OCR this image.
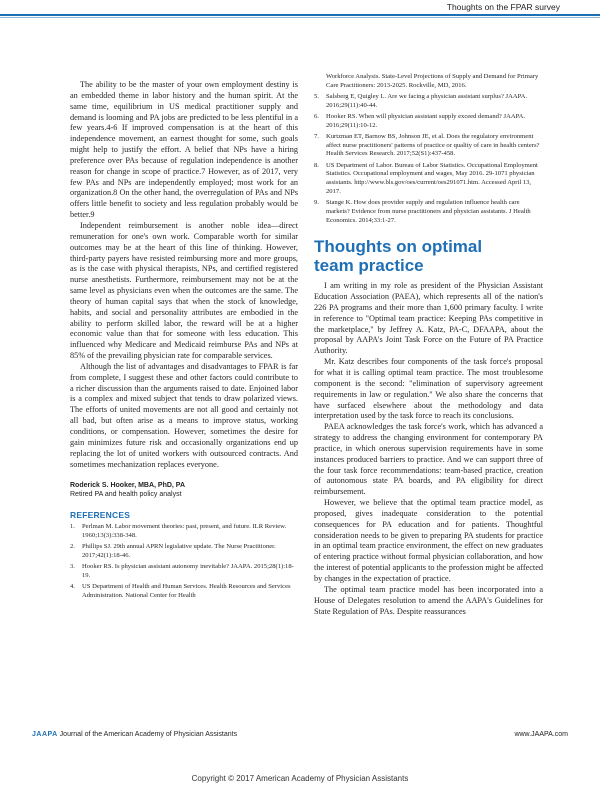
Thoughts on the FPAR survey

The ability to be the master of your own employment destiny is an embedded theme in labor history and the human spirit. At the same time, equilibrium in US medical practitioner supply and demand is looming and PA jobs are predicted to be less plentiful in a few years.4-6 If improved compensation is at the heart of this independence movement, an earnest thought for some, such goals might help to justify the effort. A belief that NPs have a hiring preference over PAs because of regulation independence is another reason for change in scope of practice.7 However, as of 2017, very few PAs and NPs are independently employed; most work for an organization.8 On the other hand, the overregulation of PAs and NPs offers little benefit to society and less regulation probably would be better.9

Independent reimbursement is another noble idea—direct remuneration for one's own work. Comparable worth for similar outcomes may be at the heart of this line of thinking. However, third-party payers have resisted reimbursing more and more groups, as is the case with physical therapists, NPs, and certified registered nurse anesthetists. Furthermore, reimbursement may not be at the same level as physicians even when the outcomes are the same. The theory of human capital says that when the stock of knowledge, habits, and social and personality attributes are embodied in the ability to perform skilled labor, the reward will be at a higher economic value than that for someone with less education. This influenced why Medicare and Medicaid reimburse PAs and NPs at 85% of the prevailing physician rate for comparable services.

Although the list of advantages and disadvantages to FPAR is far from complete, I suggest these and other factors could contribute to a richer discussion than the arguments raised to date. Enjoined labor is a complex and mixed subject that tends to draw polarized views. The efforts of united movements are not all good and certainly not all bad, but often arise as a means to improve status, working conditions, or compensation. However, sometimes the desire for gain minimizes future risk and occasionally organizations end up replacing the lot of united workers with outsourced contracts. And sometimes mechanization replaces everyone.

Roderick S. Hooker, MBA, PhD, PA
Retired PA and health policy analyst
REFERENCES
1. Perlman M. Labor movement theories: past, present, and future. ILR Review. 1960;13(3):338-348.
2. Phillips SJ. 29th annual APRN legislative update. The Nurse Practitioner. 2017;42(1):18-46.
3. Hooker RS. Is physician assistant autonomy inevitable? JAAPA. 2015;28(1):18-19.
4. US Department of Health and Human Services. Health Resources and Services Administration. National Center for Health
Workforce Analysis. State-Level Projections of Supply and Demand for Primary Care Practitioners: 2013-2025. Rockville, MD, 2016.
5. Salsberg E, Quigley L. Are we facing a physician assistant surplus? JAAPA. 2016;29(11):40-44.
6. Hooker RS. When will physician assistant supply exceed demand? JAAPA. 2016;29(11):10-12.
7. Kurtzman ET, Barnow BS, Johnson JE, et al. Does the regulatory environment affect nurse practitioners' patterns of practice or quality of care in health centers? Health Services Research. 2017;52(S1):437-458.
8. US Department of Labor. Bureau of Labor Statistics. Occupational Employment Statistics. Occupational employment and wages, May 2016. 29-1071 physician assistants. http://www.bls.gov/oes/current/oes291071.htm. Accessed April 13, 2017.
9. Stange K. How does provider supply and regulation influence health care markets? Evidence from nurse practitioners and physician assistants. J Health Economics. 2014;33:1-27.
Thoughts on optimal
team practice

I am writing in my role as president of the Physician Assistant Education Association (PAEA), which represents all of the nation's 226 PA programs and their more than 1,600 primary faculty. I write in reference to "Optimal team practice: Keeping PAs competitive in the marketplace," by Jeffrey A. Katz, PA-C, DFAAPA, about the proposal by AAPA's Joint Task Force on the Future of PA Practice Authority.

Mr. Katz describes four components of the task force's proposal for what it is calling optimal team practice. The most troublesome component is the second: "elimination of supervisory agreement requirements in law or regulation." We also share the concerns that have surfaced elsewhere about the methodology and data interpretation used by the task force to reach its conclusions.

PAEA acknowledges the task force's work, which has advanced a strategy to address the changing environment for contemporary PA practice, in which onerous supervision requirements have in some instances produced barriers to practice. And we can support three of the four task force recommendations: team-based practice, creation of autonomous state PA boards, and PA eligibility for direct reimbursement.

However, we believe that the optimal team practice model, as proposed, gives inadequate consideration to the potential consequences for PA education and for patients. Thoughtful consideration needs to be given to preparing PA students for practice in an optimal team practice environment, the effect on new graduates of entering practice without formal physician collaboration, and how the interest of potential applicants to the profession might be affected by changes in the expectation of practice.

The optimal team practice model has been incorporated into a House of Delegates resolution to amend the AAPA's Guidelines for State Regulation of PAs. Despite reassurances

JAAPA Journal of the American Academy of Physician Assistants	www.JAAPA.com
Copyright © 2017 American Academy of Physician Assistants
